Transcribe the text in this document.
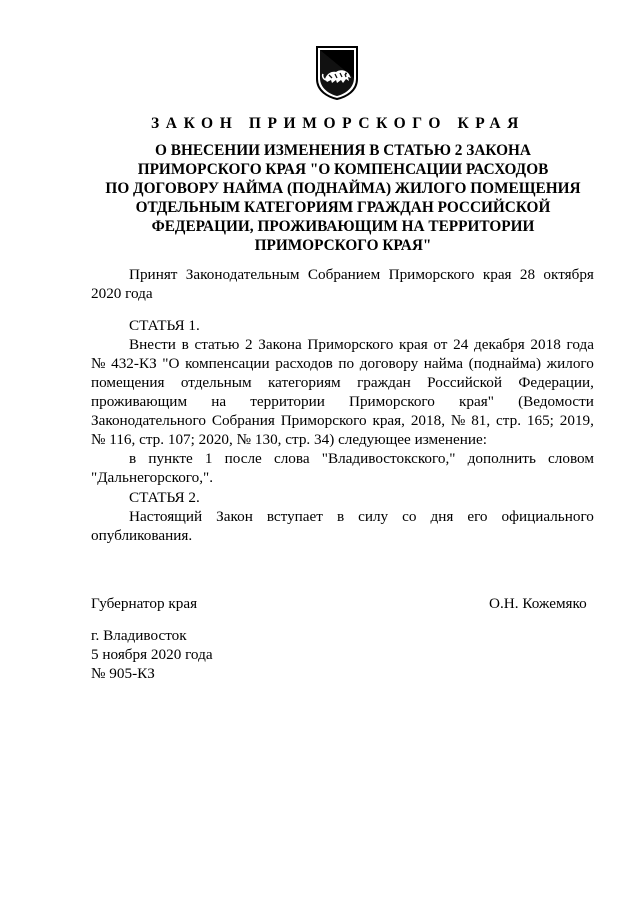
ЗАКОН ПРИМОРСКОГО КРАЯ
О ВНЕСЕНИИ ИЗМЕНЕНИЯ В СТАТЬЮ 2 ЗАКОНА
ПРИМОРСКОГО КРАЯ "О КОМПЕНСАЦИИ РАСХОДОВ
ПО ДОГОВОРУ НАЙМА (ПОДНАЙМА) ЖИЛОГО ПОМЕЩЕНИЯ
ОТДЕЛЬНЫМ КАТЕГОРИЯМ ГРАЖДАН РОССИЙСКОЙ
ФЕДЕРАЦИИ, ПРОЖИВАЮЩИМ НА ТЕРРИТОРИИ
ПРИМОРСКОГО КРАЯ"
Принят Законодательным Собранием Приморского края 28 октября
2020 года
СТАТЬЯ 1.
Внести в статью 2 Закона Приморского края от 24 декабря 2018 года
№ 432-КЗ "О компенсации расходов по договору найма (поднайма) жилого
помещения отдельным категориям граждан Российской Федерации,
проживающим на территории Приморского края" (Ведомости
Законодательного Собрания Приморского края, 2018, № 81, стр. 165; 2019,
№ 116, стр. 107; 2020, № 130, стр. 34) следующее изменение:
в пункте 1 после слова "Владивостокского," дополнить словом
"Дальнегорского,".
СТАТЬЯ 2.
Настоящий Закон вступает в силу со дня его официального
опубликования.
Губернатор края	О.Н. Кожемяко
г. Владивосток
5 ноября 2020 года
№ 905-КЗ
